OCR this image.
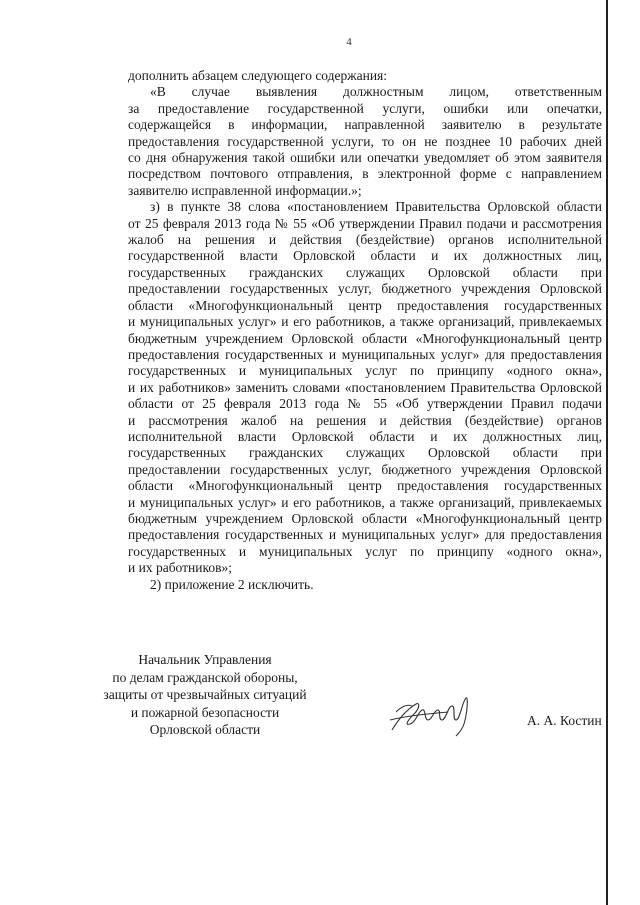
4
дополнить абзацем следующего содержания:
«В случае выявления должностным лицом, ответственным
за предоставление государственной услуги, ошибки или опечатки,
содержащейся в информации, направленной заявителю в результате
предоставления государственной услуги, то он не позднее 10 рабочих дней
со дня обнаружения такой ошибки или опечатки уведомляет об этом заявителя
посредством почтового отправления, в электронной форме с направлением
заявителю исправленной информации.»;
з) в пункте 38 слова «постановлением Правительства Орловской области
от 25 февраля 2013 года № 55 «Об утверждении Правил подачи и рассмотрения
жалоб на решения и действия (бездействие) органов исполнительной
государственной власти Орловской области и их должностных лиц,
государственных гражданских служащих Орловской области при
предоставлении государственных услуг, бюджетного учреждения Орловской
области «Многофункциональный центр предоставления государственных
и муниципальных услуг» и его работников, а также организаций, привлекаемых
бюджетным учреждением Орловской области «Многофункциональный центр
предоставления государственных и муниципальных услуг» для предоставления
государственных и муниципальных услуг по принципу «одного окна»,
и их работников» заменить словами «постановлением Правительства Орловской
области от 25 февраля 2013 года № 55 «Об утверждении Правил подачи
и рассмотрения жалоб на решения и действия (бездействие) органов
исполнительной власти Орловской области и их должностных лиц,
государственных гражданских служащих Орловской области при
предоставлении государственных услуг, бюджетного учреждения Орловской
области «Многофункциональный центр предоставления государственных
и муниципальных услуг» и его работников, а также организаций, привлекаемых
бюджетным учреждением Орловской области «Многофункциональный центр
предоставления государственных и муниципальных услуг» для предоставления
государственных и муниципальных услуг по принципу «одного окна»,
и их работников»;
2) приложение 2 исключить.
Начальник Управления
по делам гражданской обороны,
защиты от чрезвычайных ситуаций
и пожарной безопасности
Орловской области
А. А. Костин
